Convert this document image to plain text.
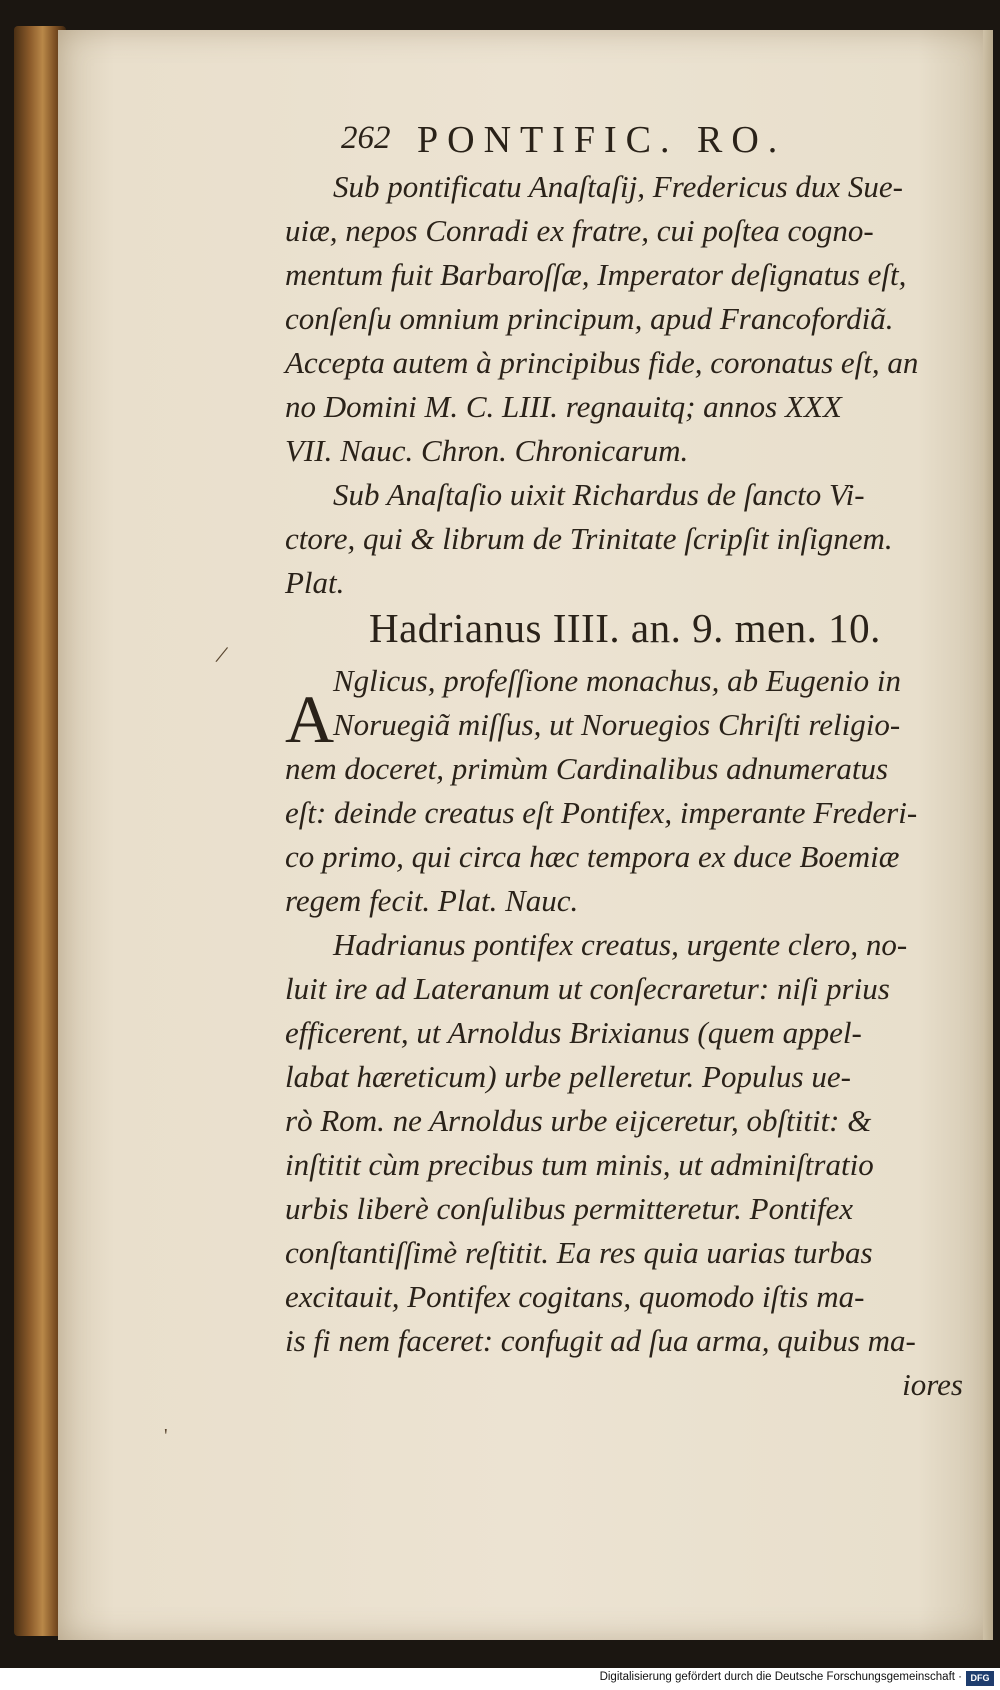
/
'
262 PONTIFIC. RO.
Sub pontificatu Anaſtaſij, Fredericus dux Sue-
uiæ, nepos Conradi ex fratre, cui poſtea cogno-
mentum fuit Barbaroſſæ, Imperator deſignatus eſt,
conſenſu omnium principum, apud Francofordiã.
Accepta autem à principibus fide, coronatus eſt, an
no Domini M. C. LIII. regnauitq; annos XXX
VII. Nauc. Chron. Chronicarum.
Sub Anaſtaſio uixit Richardus de ſancto Vi-
ctore, qui & librum de Trinitate ſcripſit inſignem.
Plat.
Hadrianus IIII. an. 9. men. 10.
A
Nglicus, profeſſione monachus, ab Eugenio in
Noruegiã miſſus, ut Noruegios Chriſti religio-
nem doceret, primùm Cardinalibus adnumeratus
eſt: deinde creatus eſt Pontifex, imperante Frederi-
co primo, qui circa hæc tempora ex duce Boemiæ
regem fecit. Plat. Nauc.
Hadrianus pontifex creatus, urgente clero, no-
luit ire ad Lateranum ut conſecraretur: niſi prius
efficerent, ut Arnoldus Brixianus (quem appel-
labat hæreticum) urbe pelleretur. Populus ue-
rò Rom. ne Arnoldus urbe eijceretur, obſtitit: &
inſtitit cùm precibus tum minis, ut adminiſtratio
urbis liberè conſulibus permitteretur. Pontifex
conſtantiſſimè reſtitit. Ea res quia uarias turbas
excitauit, Pontifex cogitans, quomodo iſtis ma-
is fi nem faceret: confugit ad ſua arma, quibus ma-
iores
Digitalisierung gefördert durch die Deutsche Forschungsgemeinschaft · DFG
